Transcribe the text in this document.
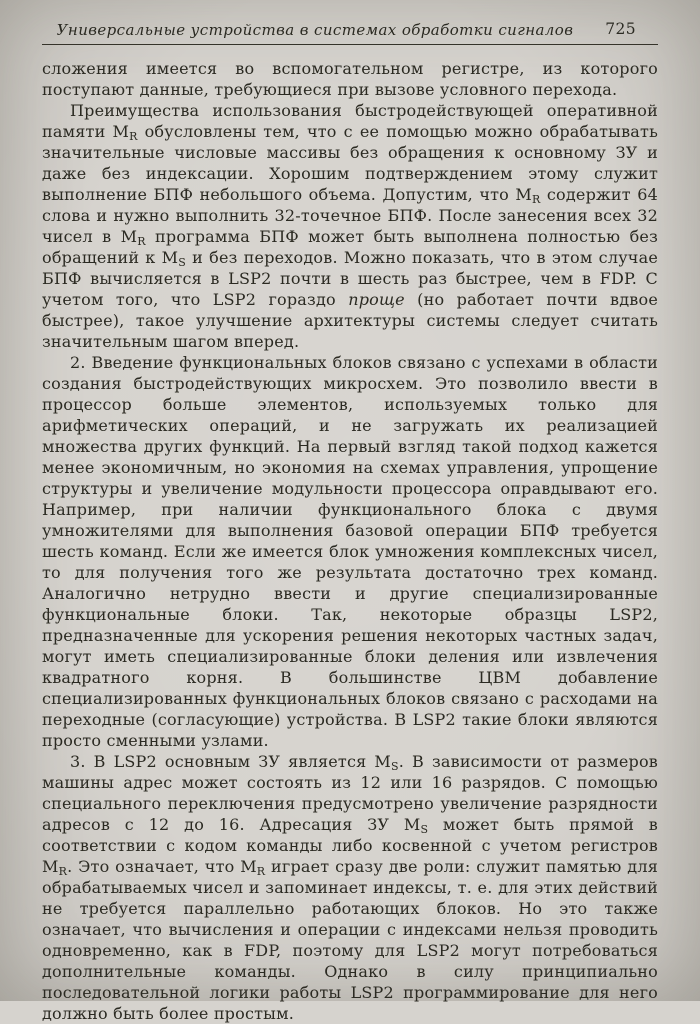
Универсальные устройства в системах обработки сигналов	725

сложения имеется во вспомогательном регистре, из которого поступают данные, требующиеся при вызове условного перехода.

Преимущества использования быстродействующей оперативной памяти $M_R$ обусловлены тем, что с ее помощью можно обрабатывать значительные числовые массивы без обращения к основному ЗУ и даже без индексации. Хорошим подтверждением этому служит выполнение БПФ небольшого объема. Допустим, что $M_R$ содержит 64 слова и нужно выполнить 32-точечное БПФ. После занесения всех 32 чисел в $M_R$ программа БПФ может быть выполнена полностью без обращений к $M_S$ и без переходов. Можно показать, что в этом случае БПФ вычисляется в LSP2 почти в шесть раз быстрее, чем в FDP. С учетом того, что LSP2 гораздо проще (но работает почти вдвое быстрее), такое улучшение архитектуры системы следует считать значительным шагом вперед.

2. Введение функциональных блоков связано с успехами в области создания быстродействующих микросхем. Это позволило ввести в процессор больше элементов, используемых только для арифметических операций, и не загружать их реализацией множества других функций. На первый взгляд такой подход кажется менее экономичным, но экономия на схемах управления, упрощение структуры и увеличение модульности процессора оправдывают его. Например, при наличии функционального блока с двумя умножителями для выполнения базовой операции БПФ требуется шесть команд. Если же имеется блок умножения комплексных чисел, то для получения того же результата достаточно трех команд. Аналогично нетрудно ввести и другие специализированные функциональные блоки. Так, некоторые образцы LSP2, предназначенные для ускорения решения некоторых частных задач, могут иметь специализированные блоки деления или извлечения квадратного корня. В большинстве ЦВМ добавление специализированных функциональных блоков связано с расходами на переходные (согласующие) устройства. В LSP2 такие блоки являются просто сменными узлами.

3. В LSP2 основным ЗУ является $M_S$. В зависимости от размеров машины адрес может состоять из 12 или 16 разрядов. С помощью специального переключения предусмотрено увеличение разрядности адресов с 12 до 16. Адресация ЗУ $M_S$ может быть прямой в соответствии с кодом команды либо косвенной с учетом регистров $M_R$. Это означает, что $M_R$ играет сразу две роли: служит памятью для обрабатываемых чисел и запоминает индексы, т. е. для этих действий не требуется параллельно работающих блоков. Но это также означает, что вычисления и операции с индексами нельзя проводить одновременно, как в FDP, поэтому для LSP2 могут потребоваться дополнительные команды. Однако в силу принципиально последовательной логики работы LSP2 программирование для него должно быть более простым.
